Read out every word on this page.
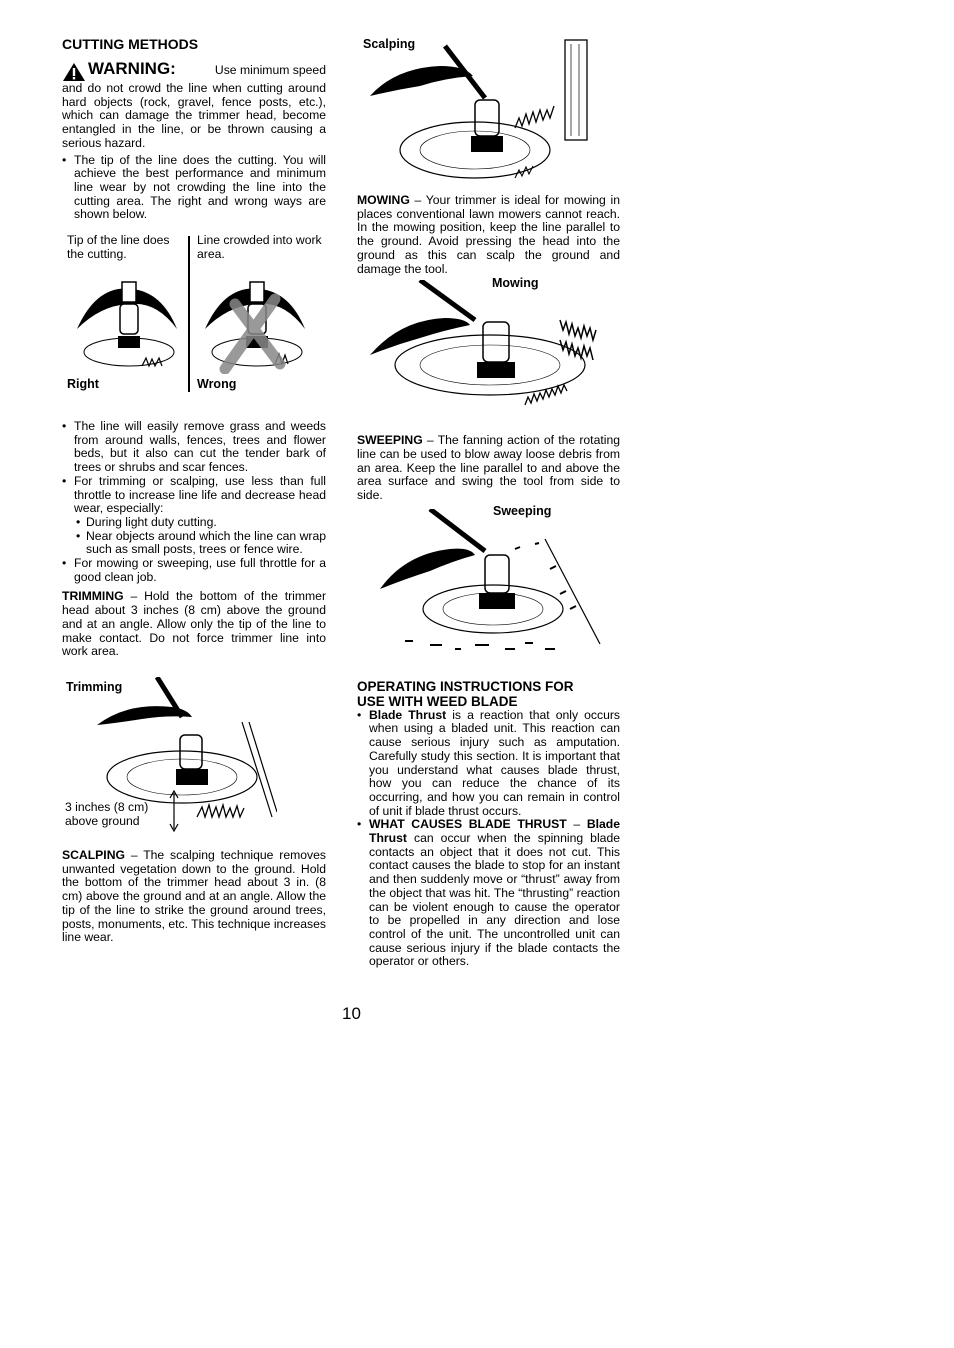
CUTTING METHODS
WARNING:	Use minimum speed

and do not crowd the line when cutting around hard objects (rock, gravel, fence posts, etc.), which can damage the trimmer head, become entangled in the line, or be thrown causing a serious hazard.

• The tip of the line does the cutting. You will achieve the best performance and minimum line wear by not crowding the line into the cutting area. The right and wrong ways are shown below.
Tip of the line does the cutting.
Line crowded into work area.
Right	Wrong
• The line will easily remove grass and weeds from around walls, fences, trees and flower beds, but it also can cut the tender bark of trees or shrubs and scar fences.
• For trimming or scalping, use less than full throttle to increase line life and decrease head wear, especially:
• During light duty cutting.
• Near objects around which the line can wrap such as small posts, trees or fence wire.
• For mowing or sweeping, use full throttle for a good clean job.

TRIMMING – Hold the bottom of the trimmer head about 3 inches (8 cm) above the ground and at an angle. Allow only the tip of the line to make contact. Do not force trimmer line into work area.

Trimming
3 inches (8 cm) above ground

SCALPING – The scalping technique removes unwanted vegetation down to the ground. Hold the bottom of the trimmer head about 3 in. (8 cm) above the ground and at an angle. Allow the tip of the line to strike the ground around trees, posts, monuments, etc. This technique increases line wear.

Scalping

MOWING – Your trimmer is ideal for mowing in places conventional lawn mowers cannot reach. In the mowing position, keep the line parallel to the ground. Avoid pressing the head into the ground as this can scalp the ground and damage the tool.

Mowing

SWEEPING – The fanning action of the rotating line can be used to blow away loose debris from an area. Keep the line parallel to and above the area surface and swing the tool from side to side.

Sweeping
OPERATING INSTRUCTIONS FOR
USE WITH WEED BLADE
• Blade Thrust is a reaction that only occurs when using a bladed unit. This reaction can cause serious injury such as amputation. Carefully study this section. It is important that you understand what causes blade thrust, how you can reduce the chance of its occurring, and how you can remain in control of unit if blade thrust occurs.
• WHAT CAUSES BLADE THRUST – Blade Thrust can occur when the spinning blade contacts an object that it does not cut. This contact causes the blade to stop for an instant and then suddenly move or “thrust” away from the object that was hit. The “thrusting” reaction can be violent enough to cause the operator to be propelled in any direction and lose control of the unit. The uncontrolled unit can cause serious injury if the blade contacts the operator or others.
10
